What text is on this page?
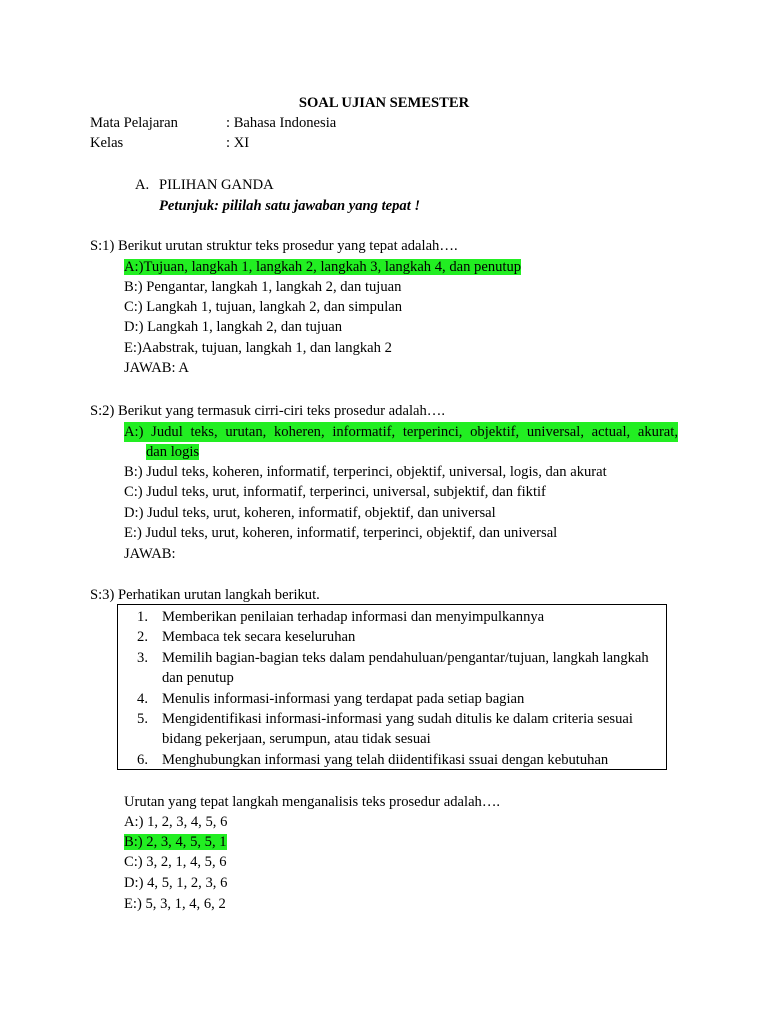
SOAL UJIAN SEMESTER
Mata Pelajaran	: Bahasa Indonesia
Kelas	: XI
A. PILIHAN GANDA
Petunjuk: pililah satu jawaban yang tepat !
S:1) Berikut urutan struktur teks prosedur yang tepat adalah….
A:)Tujuan, langkah 1, langkah 2, langkah 3, langkah 4, dan penutup
B:) Pengantar, langkah 1, langkah 2, dan tujuan
C:) Langkah 1, tujuan, langkah 2, dan simpulan
D:) Langkah 1, langkah 2, dan tujuan
E:)Aabstrak, tujuan, langkah 1, dan langkah 2
JAWAB: A
S:2) Berikut yang termasuk cirri-ciri teks prosedur adalah….
A:) Judul teks, urutan, koheren, informatif, terperinci, objektif, universal, actual, akurat,
dan logis
B:) Judul teks, koheren, informatif, terperinci, objektif, universal, logis, dan akurat
C:) Judul teks, urut, informatif, terperinci, universal, subjektif, dan fiktif
D:) Judul teks, urut, koheren, informatif, objektif, dan universal
E:) Judul teks, urut, koheren, informatif, terperinci, objektif, dan universal
JAWAB:
S:3) Perhatikan urutan langkah berikut.
1. Memberikan penilaian terhadap informasi dan menyimpulkannya
2. Membaca tek secara keseluruhan
3. Memilih bagian-bagian teks dalam pendahuluan/pengantar/tujuan, langkah langkah
dan penutup
4. Menulis informasi-informasi yang terdapat pada setiap bagian
5. Mengidentifikasi informasi-informasi yang sudah ditulis ke dalam criteria sesuai
bidang pekerjaan, serumpun, atau tidak sesuai
6. Menghubungkan informasi yang telah diidentifikasi ssuai dengan kebutuhan
Urutan yang tepat langkah menganalisis teks prosedur adalah….
A:) 1, 2, 3, 4, 5, 6
B:) 2, 3, 4, 5, 5, 1
C:) 3, 2, 1, 4, 5, 6
D:) 4, 5, 1, 2, 3, 6
E:) 5, 3, 1, 4, 6, 2
